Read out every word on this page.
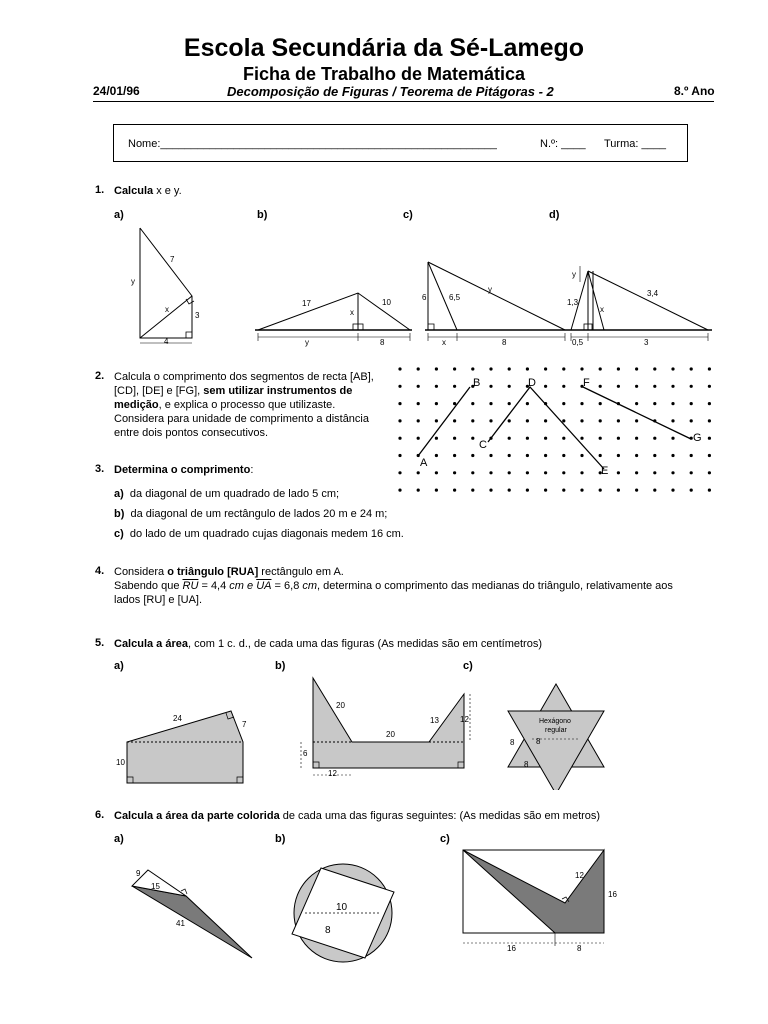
Escola Secundária da Sé-Lamego
Ficha de Trabalho de Matemática
24/01/96	Decomposição de Figuras / Teorema de Pitágoras - 2	8.º Ano
Nome:_______________________________________________________	N.º: ____ Turma: ____
1. Calcula x e y.
a)	b)	c)	d)
y
7
x
3
4
17	10
x
y	8
6	6,5
y
x	8
y
1,3
x
3,4
0,5	3
2. Calcula o comprimento dos segmentos de recta [AB],
[CD], [DE] e [FG], sem utilizar instrumentos de
medição, e explica o processo que utilizaste.
Considera para unidade de comprimento a distância
entre dois pontos consecutivos.
A
B
C
D
E
F
G
3. Determina o comprimento:
a) da diagonal de um quadrado de lado 5 cm;
b) da diagonal de um rectângulo de lados 20 m e 24 m;
c) do lado de um quadrado cujas diagonais medem 16 cm.
4. Considera o triângulo [RUA] rectângulo em A.
Sabendo que $\overline{RU} = 4,4$ cm e $\overline{UA} = 6,8$ cm, determina o comprimento das medianas do triângulo, relativamente aos
lados [RU] e [UA].
5. Calcula a área, com 1 c. d., de cada uma das figuras (As medidas são em centímetros)
a)	b)	c)
24
7
10
20
20
13	12
6
12
Hexágono
regular
8	8
8
6. Calcula a área da parte colorida de cada uma das figuras seguintes: (As medidas são em metros)
a)	b)	c)
9
15
41
10
8
12
16
16	8
